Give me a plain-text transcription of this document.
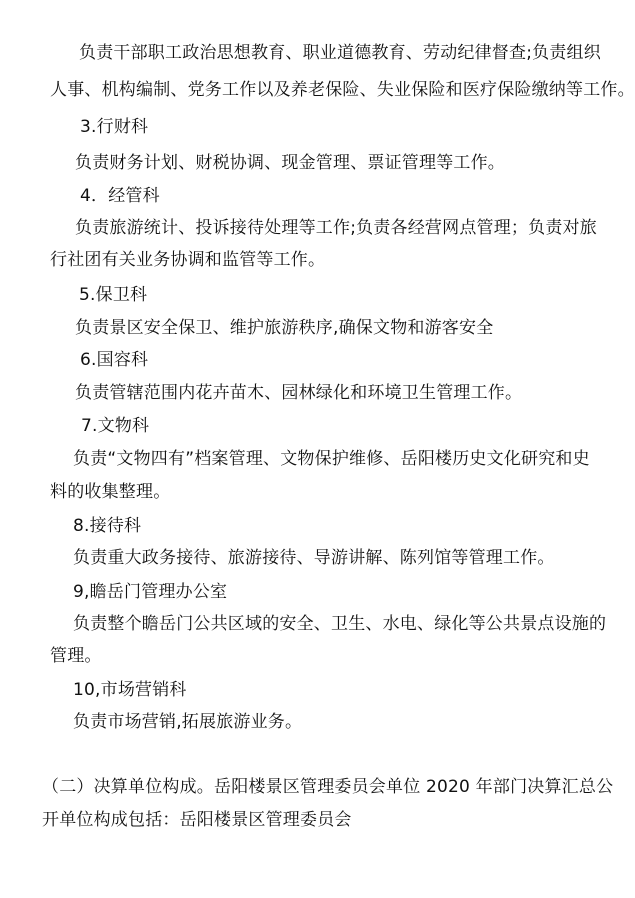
负责干部职工政治思想教育、职业道德教育、劳动纪律督查;负责组织
人事、机构编制、党务工作以及养老保险、失业保险和医疗保险缴纳等工作。
3.行财科
负责财务计划、财税协调、现金管理、票证管理等工作。
4．经管科
负责旅游统计、投诉接待处理等工作;负责各经营网点管理；负责对旅
行社团有关业务协调和监管等工作。
5.保卫科
负责景区安全保卫、维护旅游秩序,确保文物和游客安全
6.国容科
负责管辖范围内花卉苗木、园林绿化和环境卫生管理工作。
7.文物科
负责“文物四有”档案管理、文物保护维修、岳阳楼历史文化研究和史
料的收集整理。
8.接待科
负责重大政务接待、旅游接待、导游讲解、陈列馆等管理工作。
9,瞻岳门管理办公室
负责整个瞻岳门公共区域的安全、卫生、水电、绿化等公共景点设施的
管理。
10,市场营销科
负责市场营销,拓展旅游业务。
（二）决算单位构成。岳阳楼景区管理委员会单位 2020 年部门决算汇总公
开单位构成包括：岳阳楼景区管理委员会
